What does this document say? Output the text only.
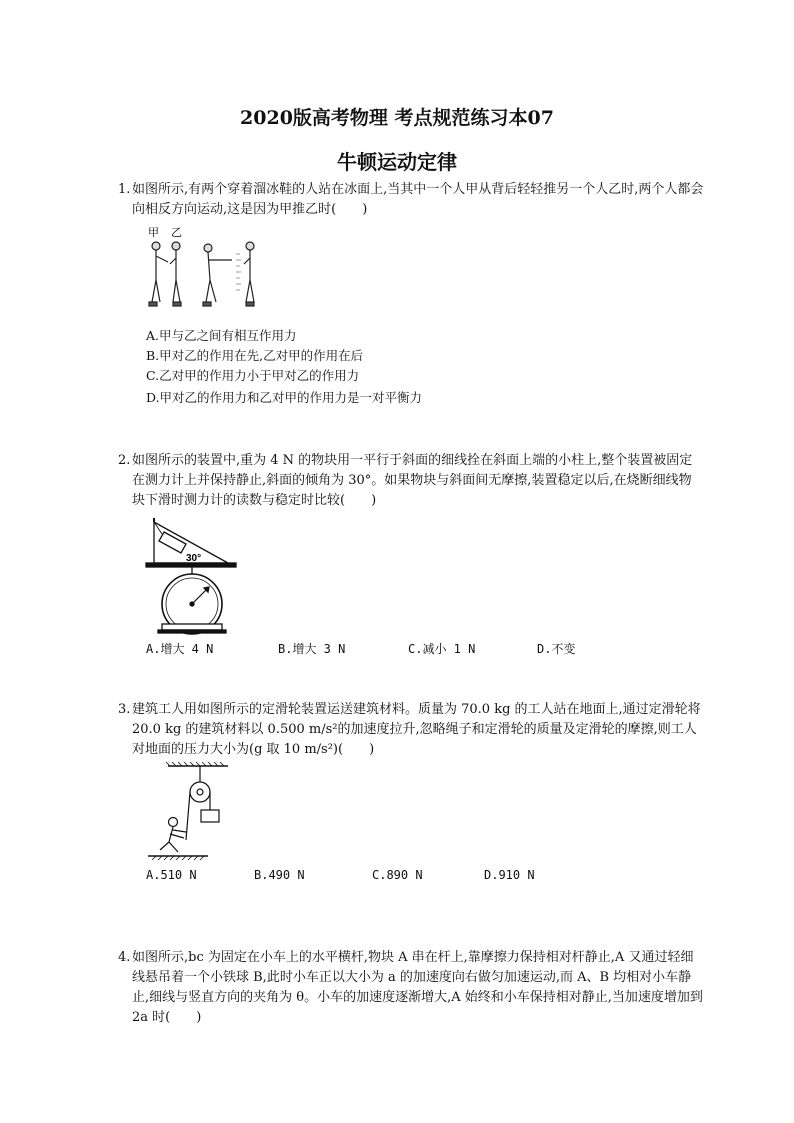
2020版高考物理 考点规范练习本07
牛顿运动定律
1. 如图所示,有两个穿着溜冰鞋的人站在冰面上,当其中一个人甲从背后轻轻推另一个人乙时,两个人都会向相反方向运动,这是因为甲推乙时(　　)
甲 乙
A.甲与乙之间有相互作用力
B.甲对乙的作用在先,乙对甲的作用在后
C.乙对甲的作用力小于甲对乙的作用力
D.甲对乙的作用力和乙对甲的作用力是一对平衡力
2. 如图所示的装置中,重为 4 N 的物块用一平行于斜面的细线拴在斜面上端的小柱上,整个装置被固定在测力计上并保持静止,斜面的倾角为 30°。如果物块与斜面间无摩擦,装置稳定以后,在烧断细线物块下滑时测力计的读数与稳定时比较(　　)
30°
A.增大 4 N	B.增大 3 N	C.减小 1 N	D.不变
3. 建筑工人用如图所示的定滑轮装置运送建筑材料。质量为 70.0 kg 的工人站在地面上,通过定滑轮将 20.0 kg 的建筑材料以 0.500 m/s²的加速度拉升,忽略绳子和定滑轮的质量及定滑轮的摩擦,则工人对地面的压力大小为(g 取 10 m/s²)(　　)
A.510 N	B.490 N	C.890 N	D.910 N
4. 如图所示,bc 为固定在小车上的水平横杆,物块 A 串在杆上,靠摩擦力保持相对杆静止,A 又通过轻细线悬吊着一个小铁球 B,此时小车正以大小为 a 的加速度向右做匀加速运动,而 A、B 均相对小车静止,细线与竖直方向的夹角为 θ。小车的加速度逐渐增大,A 始终和小车保持相对静止,当加速度增加到 2a 时(　　)
